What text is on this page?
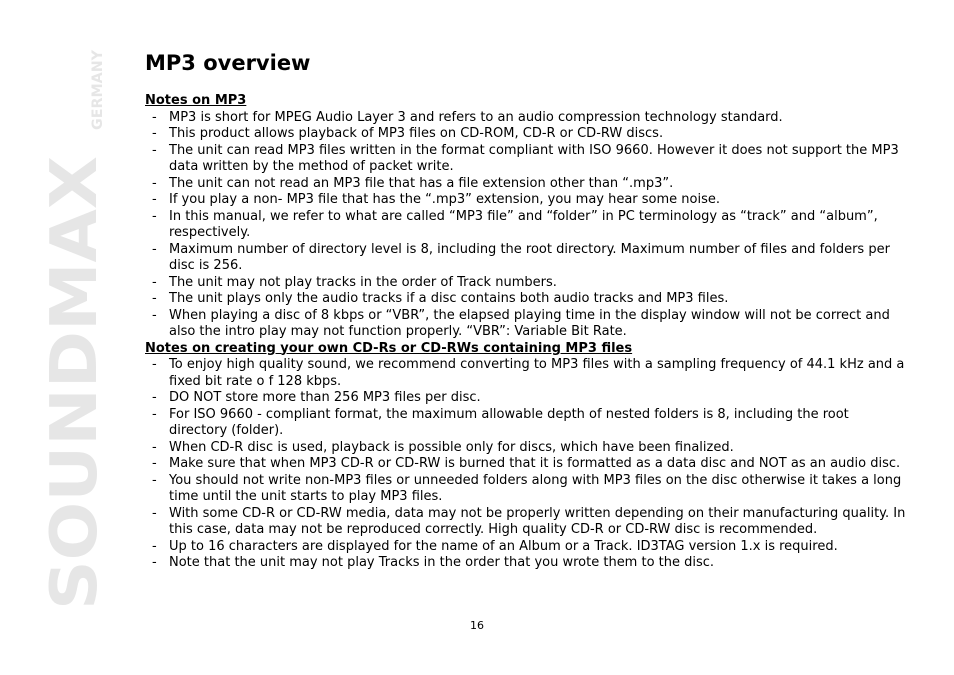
SOUNDMAX
GERMANY MP3 overview
Notes on MP3
- MP3 is short for MPEG Audio Layer 3 and refers to an audio compression technology standard.
- This product allows playback of MP3 files on CD-ROM, CD-R or CD-RW discs.
- The unit can read MP3 files written in the format compliant with ISO 9660. However it does not support the MP3 data written by the method of packet write.
- The unit can not read an MP3 file that has a file extension other than “.mp3”.
- If you play a non- MP3 file that has the “.mp3” extension, you may hear some noise.
- In this manual, we refer to what are called “MP3 file” and “folder” in PC terminology as “track” and “album”, respectively.
- Maximum number of directory level is 8, including the root directory. Maximum number of files and folders per disc is 256.
- The unit may not play tracks in the order of Track numbers.
- The unit plays only the audio tracks if a disc contains both audio tracks and MP3 files.
- When playing a disc of 8 kbps or “VBR”, the elapsed playing time in the display window will not be correct and also the intro play may not function properly. “VBR”: Variable Bit Rate.
Notes on creating your own CD-Rs or CD-RWs containing MP3 files
- To enjoy high quality sound, we recommend converting to MP3 files with a sampling frequency of 44.1 kHz and a fixed bit rate o f 128 kbps.
- DO NOT store more than 256 MP3 files per disc.
- For ISO 9660 - compliant format, the maximum allowable depth of nested folders is 8, including the root directory (folder).
- When CD-R disc is used, playback is possible only for discs, which have been finalized.
- Make sure that when MP3 CD-R or CD-RW is burned that it is formatted as a data disc and NOT as an audio disc.
- You should not write non-MP3 files or unneeded folders along with MP3 files on the disc otherwise it takes a long time until the unit starts to play MP3 files.
- With some CD-R or CD-RW media, data may not be properly written depending on their manufacturing quality. In this case, data may not be reproduced correctly. High quality CD-R or CD-RW disc is recommended.
- Up to 16 characters are displayed for the name of an Album or a Track. ID3TAG version 1.x is required.
- Note that the unit may not play Tracks in the order that you wrote them to the disc.
16
